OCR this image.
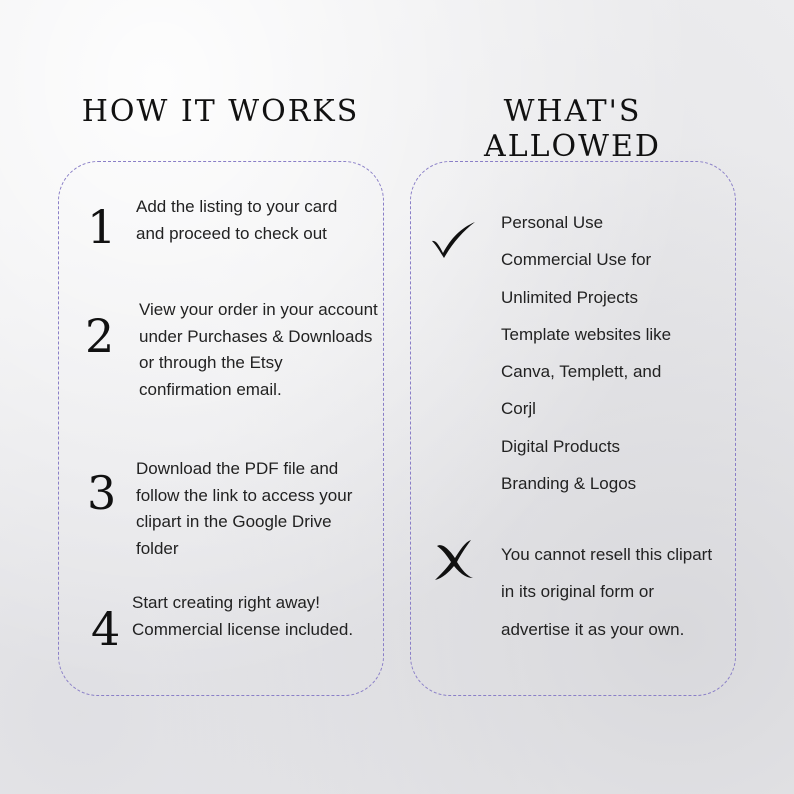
HOW IT WORKS	WHAT'S ALLOWED
1 Add the listing to your card and proceed to check out
2 View your order in your account under Purchases & Downloads or through the Etsy confirmation email.
3 Download the PDF file and follow the link to access your clipart in the Google Drive folder
4 Start creating right away! Commercial license included.
Personal Use
Commercial Use for
Unlimited Projects
Template websites like
Canva, Templett, and
Corjl
Digital Products
Branding & Logos

You cannot resell this clipart in its original form or advertise it as your own.
